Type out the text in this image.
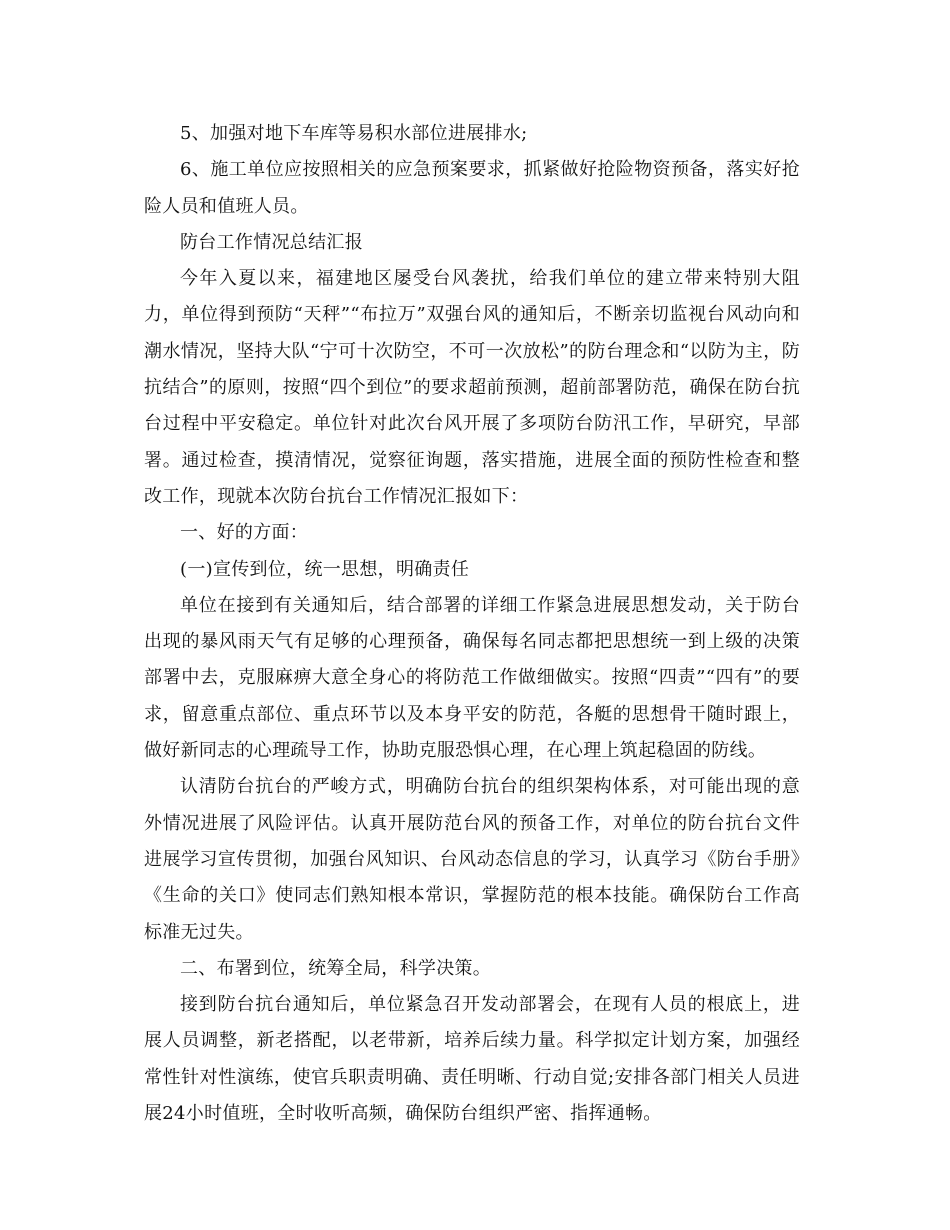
5、加强对地下车库等易积水部位进展排水;

6、施工单位应按照相关的应急预案要求，抓紧做好抢险物资预备，落实好抢险人员和值班人员。

防台工作情况总结汇报

今年入夏以来，福建地区屡受台风袭扰，给我们单位的建立带来特别大阻力，单位得到预防“天秤”“布拉万”双强台风的通知后，不断亲切监视台风动向和潮水情况，坚持大队“宁可十次防空，不可一次放松”的防台理念和“以防为主，防抗结合”的原则，按照“四个到位”的要求超前预测，超前部署防范，确保在防台抗台过程中平安稳定。单位针对此次台风开展了多项防台防汛工作，早研究，早部署。通过检查，摸清情况，觉察征询题，落实措施，进展全面的预防性检查和整改工作，现就本次防台抗台工作情况汇报如下：

一、好的方面：

(一)宣传到位，统一思想，明确责任

单位在接到有关通知后，结合部署的详细工作紧急进展思想发动，关于防台出现的暴风雨天气有足够的心理预备，确保每名同志都把思想统一到上级的决策部署中去，克服麻痹大意全身心的将防范工作做细做实。按照“四责”“四有”的要求，留意重点部位、重点环节以及本身平安的防范，各艇的思想骨干随时跟上，做好新同志的心理疏导工作，协助克服恐惧心理，在心理上筑起稳固的防线。

认清防台抗台的严峻方式，明确防台抗台的组织架构体系，对可能出现的意外情况进展了风险评估。认真开展防范台风的预备工作，对单位的防台抗台文件进展学习宣传贯彻，加强台风知识、台风动态信息的学习，认真学习《防台手册》《生命的关口》使同志们熟知根本常识，掌握防范的根本技能。确保防台工作高标准无过失。

二、布署到位，统筹全局，科学决策。

接到防台抗台通知后，单位紧急召开发动部署会，在现有人员的根底上，进展人员调整，新老搭配，以老带新，培养后续力量。科学拟定计划方案，加强经常性针对性演练，使官兵职责明确、责任明晰、行动自觉;安排各部门相关人员进展24小时值班，全时收听高频，确保防台组织严密、指挥通畅。
